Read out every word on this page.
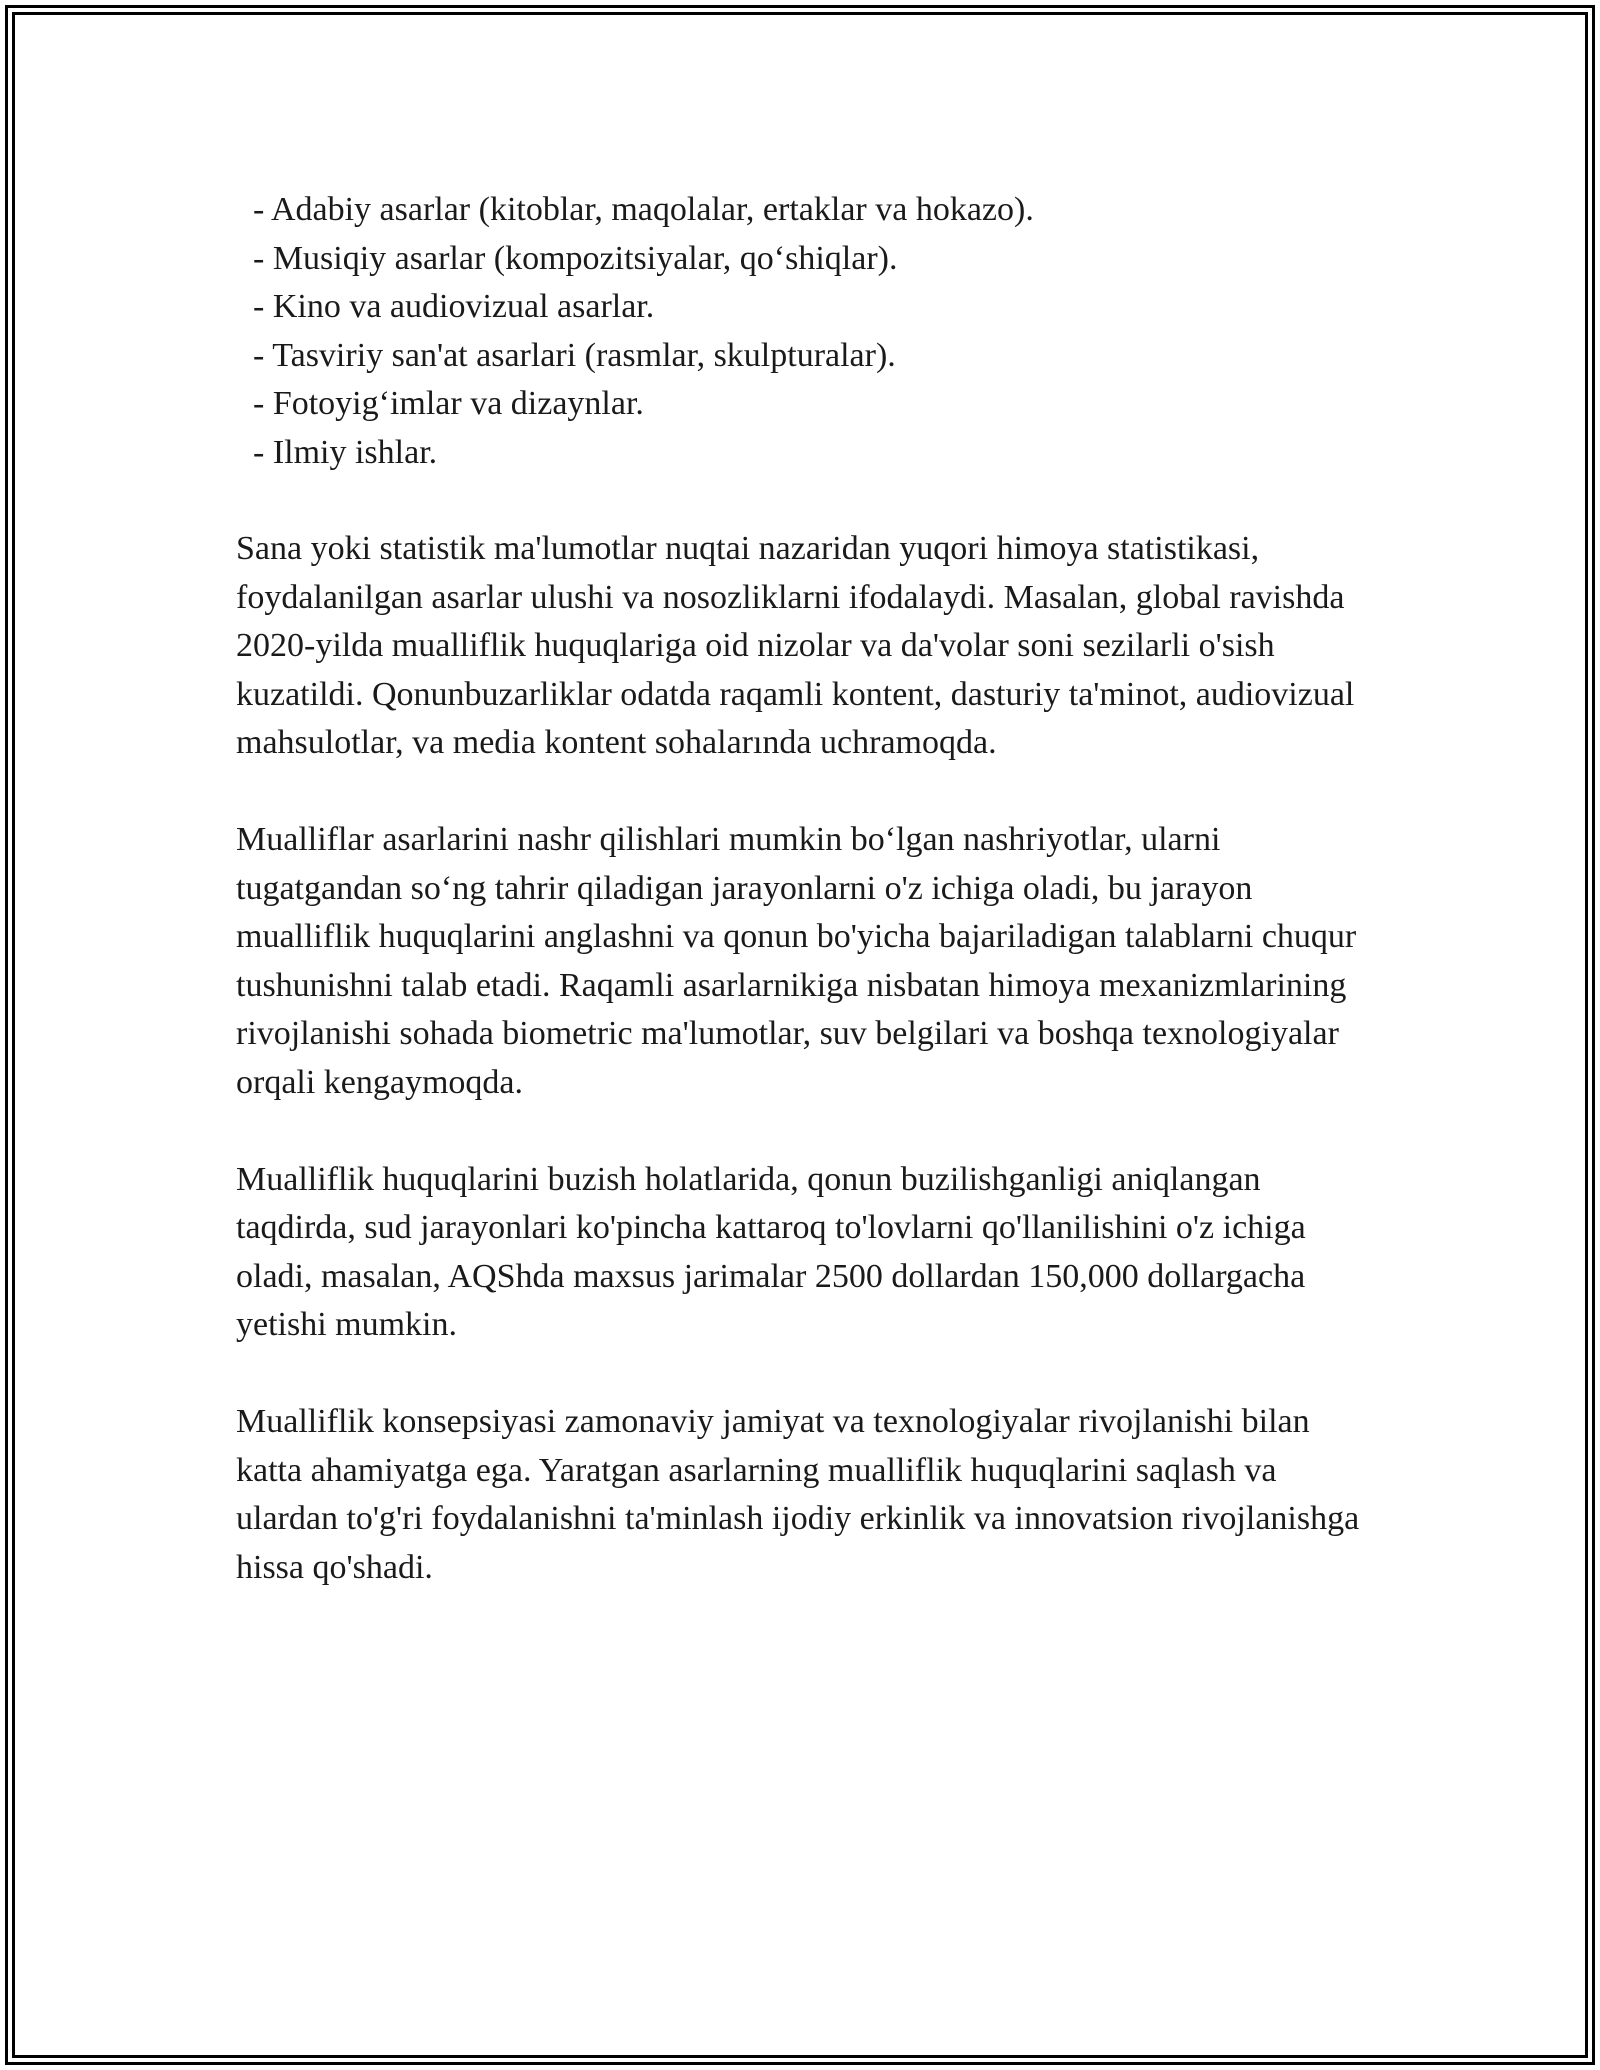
- Adabiy asarlar (kitoblar, maqolalar, ertaklar va hokazo).
- Musiqiy asarlar (kompozitsiyalar, qo‘shiqlar).
- Kino va audiovizual asarlar.
- Tasviriy san'at asarlari (rasmlar, skulpturalar).
- Fotoyig‘imlar va dizaynlar.
- Ilmiy ishlar.

Sana yoki statistik ma'lumotlar nuqtai nazaridan yuqori himoya statistikasi, foydalanilgan asarlar ulushi va nosozliklarni ifodalaydi. Masalan, global ravishda 2020-yilda mualliflik huquqlariga oid nizolar va da'volar soni sezilarli o'sish kuzatildi. Qonunbuzarliklar odatda raqamli kontent, dasturiy ta'minot, audiovizual mahsulotlar, va media kontent sohalarında uchramoqda.

Mualliflar asarlarini nashr qilishlari mumkin bo‘lgan nashriyotlar, ularni tugatgandan so‘ng tahrir qiladigan jarayonlarni o'z ichiga oladi, bu jarayon mualliflik huquqlarini anglashni va qonun bo'yicha bajariladigan talablarni chuqur tushunishni talab etadi. Raqamli asarlarnikiga nisbatan himoya mexanizmlarining rivojlanishi sohada biometric ma'lumotlar, suv belgilari va boshqa texnologiyalar orqali kengaymoqda.

Mualliflik huquqlarini buzish holatlarida, qonun buzilishganligi aniqlangan taqdirda, sud jarayonlari ko'pincha kattaroq to'lovlarni qo'llanilishini o'z ichiga oladi, masalan, AQShda maxsus jarimalar 2500 dollardan 150,000 dollargacha yetishi mumkin.

Mualliflik konsepsiyasi zamonaviy jamiyat va texnologiyalar rivojlanishi bilan katta ahamiyatga ega. Yaratgan asarlarning mualliflik huquqlarini saqlash va ulardan to'g'ri foydalanishni ta'minlash ijodiy erkinlik va innovatsion rivojlanishga hissa qo'shadi.
